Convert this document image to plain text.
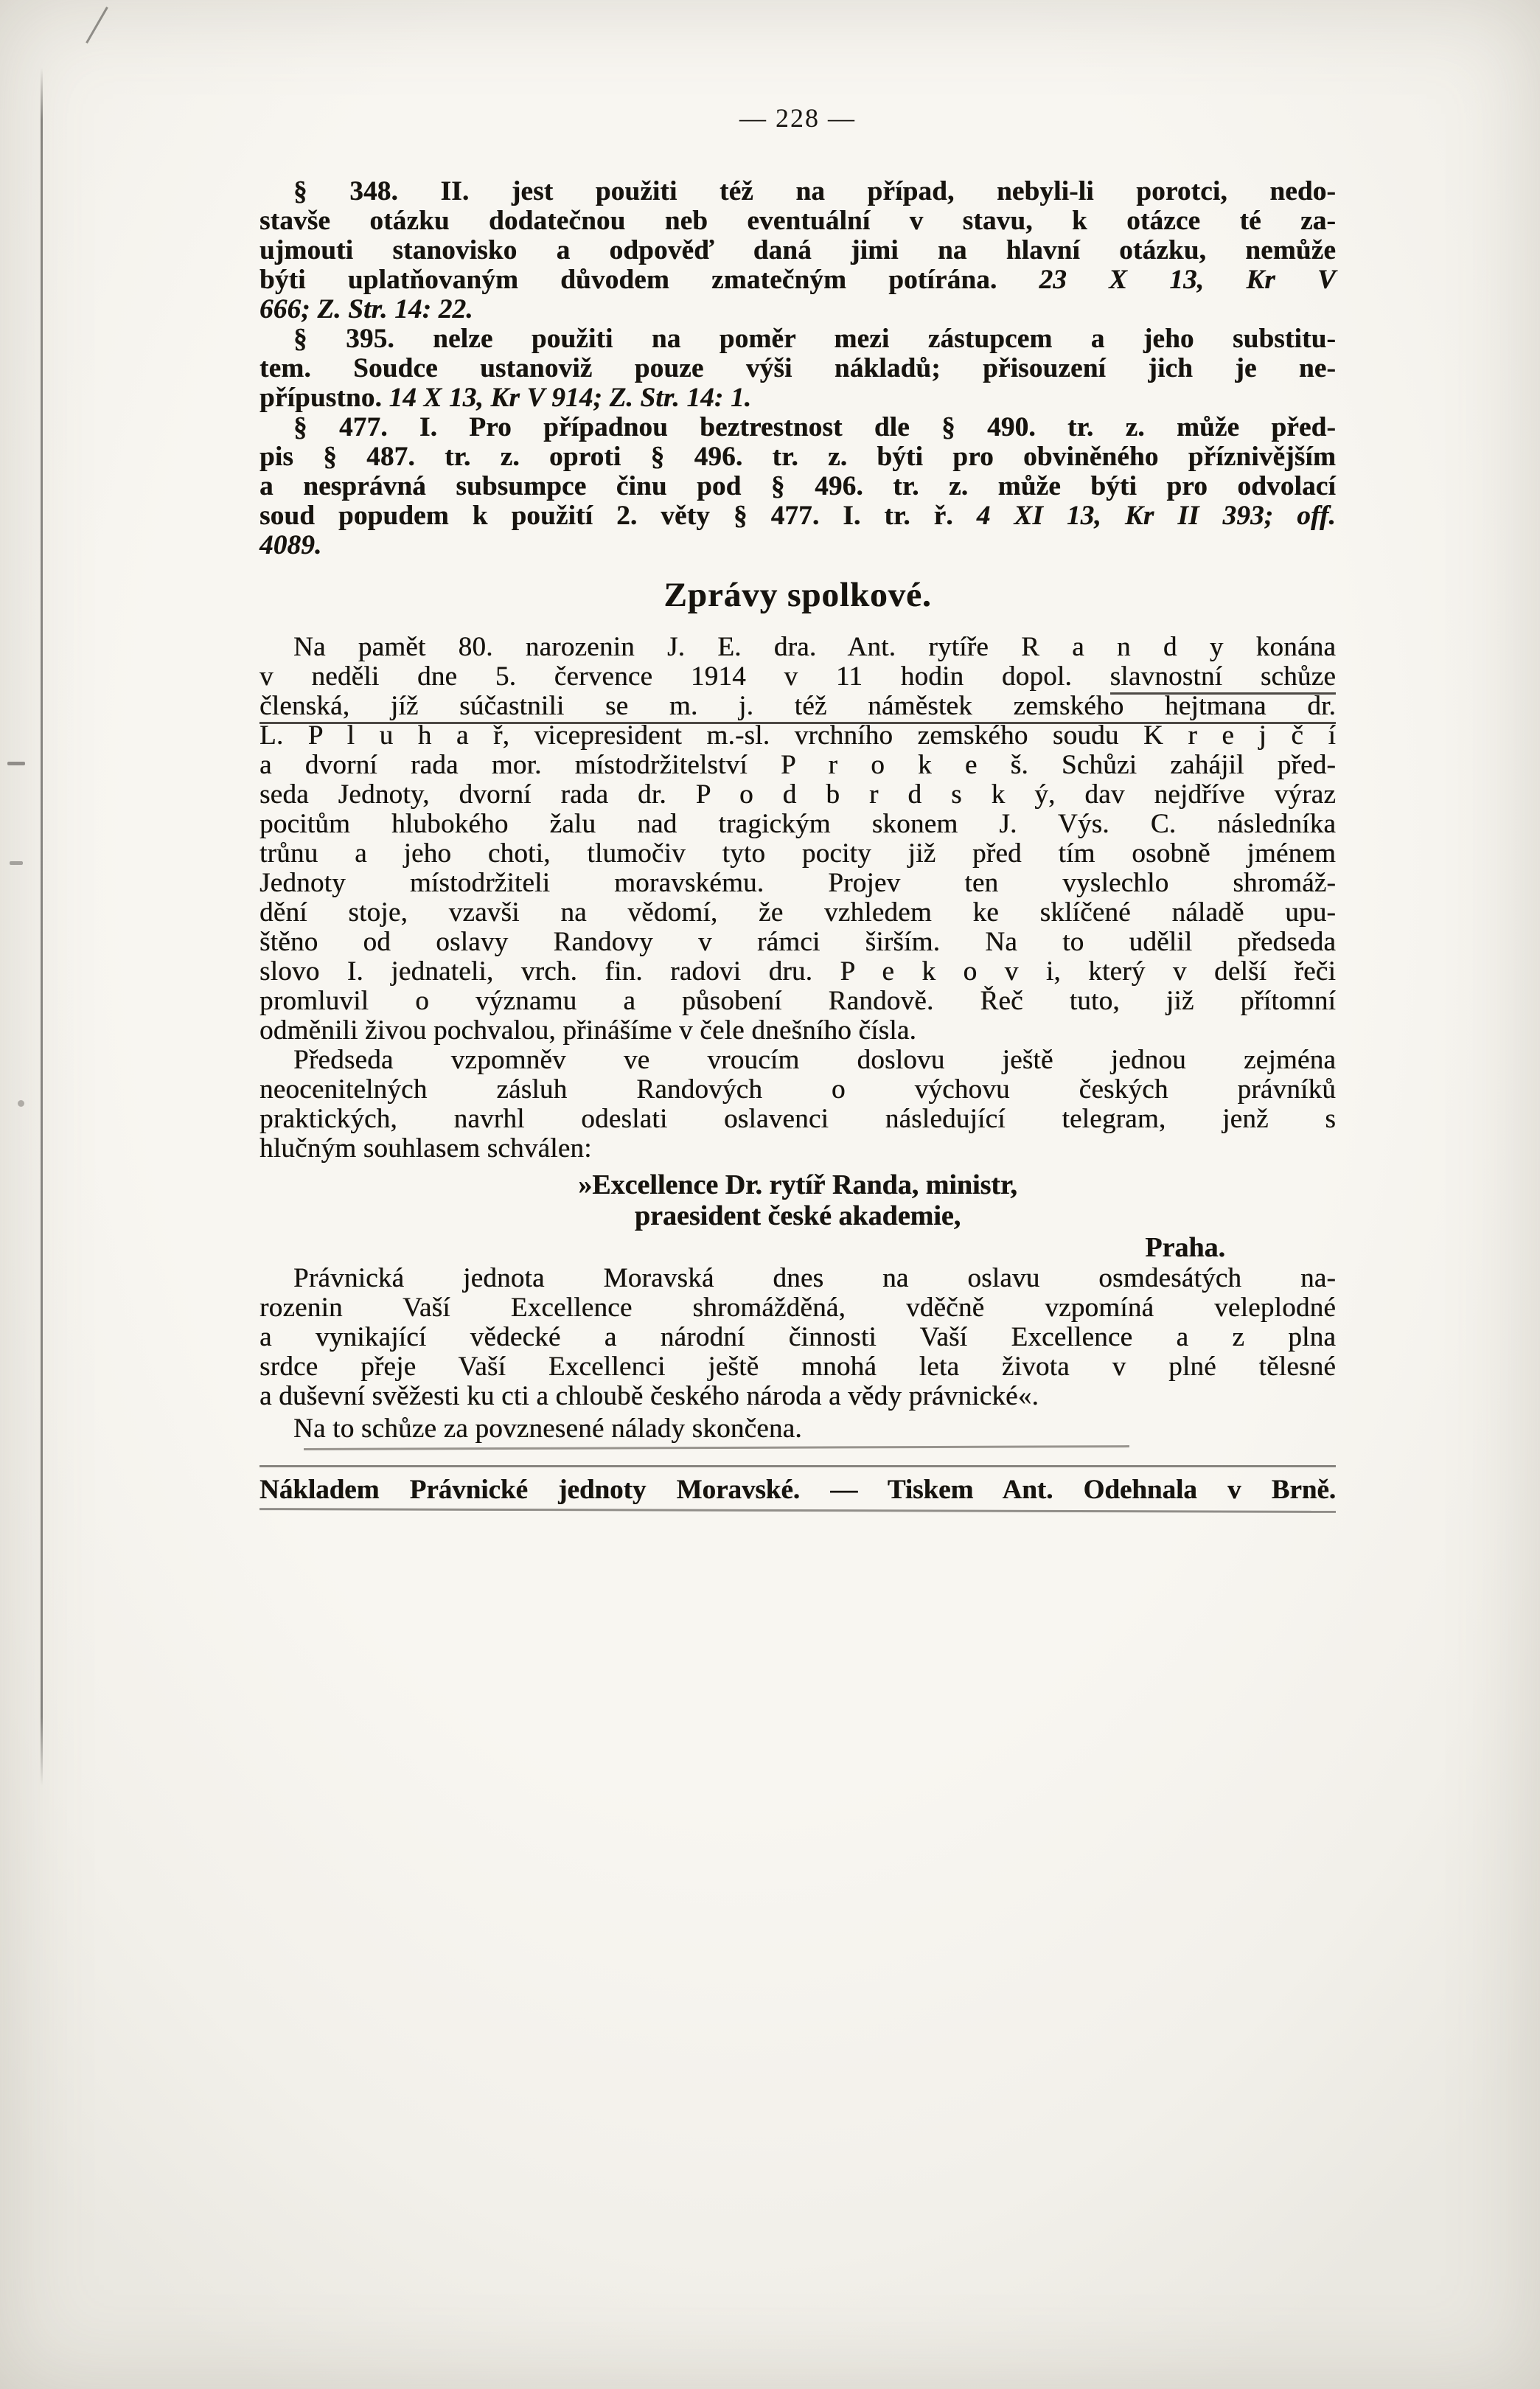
— 228 —
§ 348. II. jest použiti též na případ, nebyli-li porotci, nedo-
stavše otázku dodatečnou neb eventuální v stavu, k otázce té za-
ujmouti stanovisko a odpověď daná jimi na hlavní otázku, nemůže
býti uplatňovaným důvodem zmatečným potírána. 23 X 13, Kr V
666; Z. Str. 14: 22.
§ 395. nelze použiti na poměr mezi zástupcem a jeho substitu-
tem. Soudce ustanoviž pouze výši nákladů; přisouzení jich je ne-
přípustno. 14 X 13, Kr V 914; Z. Str. 14: 1.
§ 477. I. Pro případnou beztrestnost dle § 490. tr. z. může před-
pis § 487. tr. z. oproti § 496. tr. z. býti pro obviněného příznivějším
a nesprávná subsumpce činu pod § 496. tr. z. může býti pro odvolací
soud popudem k použití 2. věty § 477. I. tr. ř. 4 XI 13, Kr II 393; off.
4089.
Zprávy spolkové.
Na pamět 80. narozenin J. E. dra. Ant. rytíře R a n d y konána
v neděli dne 5. července 1914 v 11 hodin dopol. slavnostní schůze
členská, jíž súčastnili se m. j. též náměstek zemského hejtmana dr.
L. P l u h a ř, vicepresident m.-sl. vrchního zemského soudu K r e j č í
a dvorní rada mor. místodržitelství P r o k e š. Schůzi zahájil před-
seda Jednoty, dvorní rada dr. P o d b r d s k ý, dav nejdříve výraz
pocitům hlubokého žalu nad tragickým skonem J. Výs. C. následníka
trůnu a jeho choti, tlumočiv tyto pocity již před tím osobně jménem
Jednoty místodržiteli moravskému. Projev ten vyslechlo shromáž-
dění stoje, vzavši na vědomí, že vzhledem ke sklíčené náladě upu-
štěno od oslavy Randovy v rámci širším. Na to udělil předseda
slovo I. jednateli, vrch. fin. radovi dru. P e k o v i, který v delší řeči
promluvil o významu a působení Randově. Řeč tuto, již přítomní
odměnili živou pochvalou, přinášíme v čele dnešního čísla.
Předseda vzpomněv ve vroucím doslovu ještě jednou zejména
neocenitelných zásluh Randových o výchovu českých právníků
praktických, navrhl odeslati oslavenci následující telegram, jenž s
hlučným souhlasem schválen:
»Excellence Dr. rytíř Randa, ministr,
praesident české akademie,
Praha.
Právnická jednota Moravská dnes na oslavu osmdesátých na-
rozenin Vaší Excellence shromážděná, vděčně vzpomíná veleplodné
a vynikající vědecké a národní činnosti Vaší Excellence a z plna
srdce přeje Vaší Excellenci ještě mnohá leta života v plné tělesné
a duševní svěžesti ku cti a chloubě českého národa a vědy právnické«.
Na to schůze za povznesené nálady skončena.
Nákladem Právnické jednoty Moravské. — Tiskem Ant. Odehnala v Brně.
